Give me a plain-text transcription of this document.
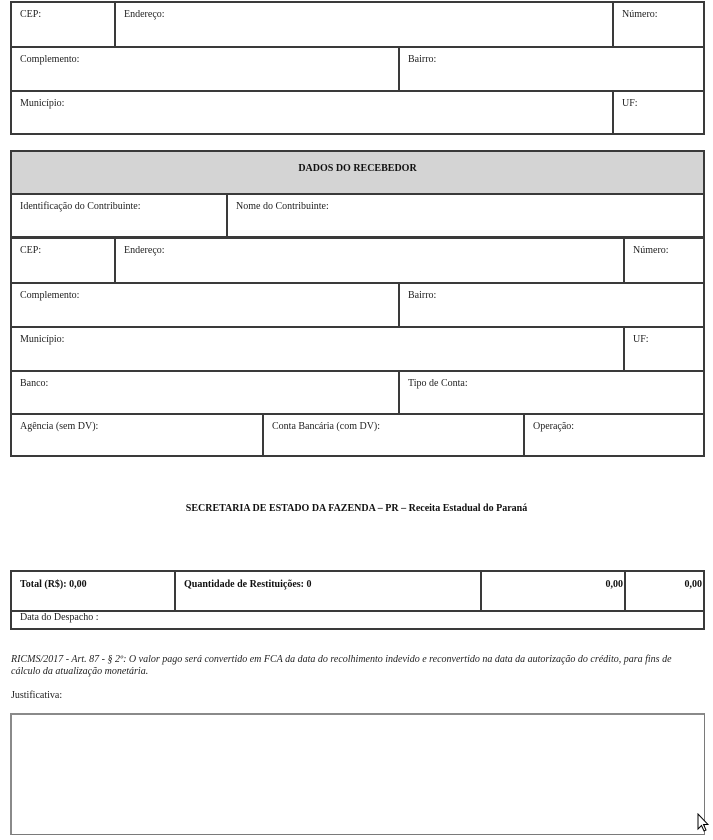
CEP:	Endereço:	Número:
Complemento:	Bairro:
Município:	UF:
DADOS DO RECEBEDOR
Identificação do Contribuinte:	Nome do Contribuinte:
CEP:	Endereço:	Número:
Complemento:	Bairro:
Município:	UF:
Banco:	Tipo de Conta:
Agência (sem DV):	Conta Bancária (com DV):	Operação:
SECRETARIA DE ESTADO DA FAZENDA – PR – Receita Estadual do Paraná
Total (R$): 0,00	Quantidade de Restituições: 0	0,00	0,00
Data do Despacho :
RICMS/2017 - Art. 87 - § 2º: O valor pago será convertido em FCA da data do recolhimento indevido e reconvertido na data da autorização do crédito, para fins de cálculo da atualização monetária.
Justificativa:
